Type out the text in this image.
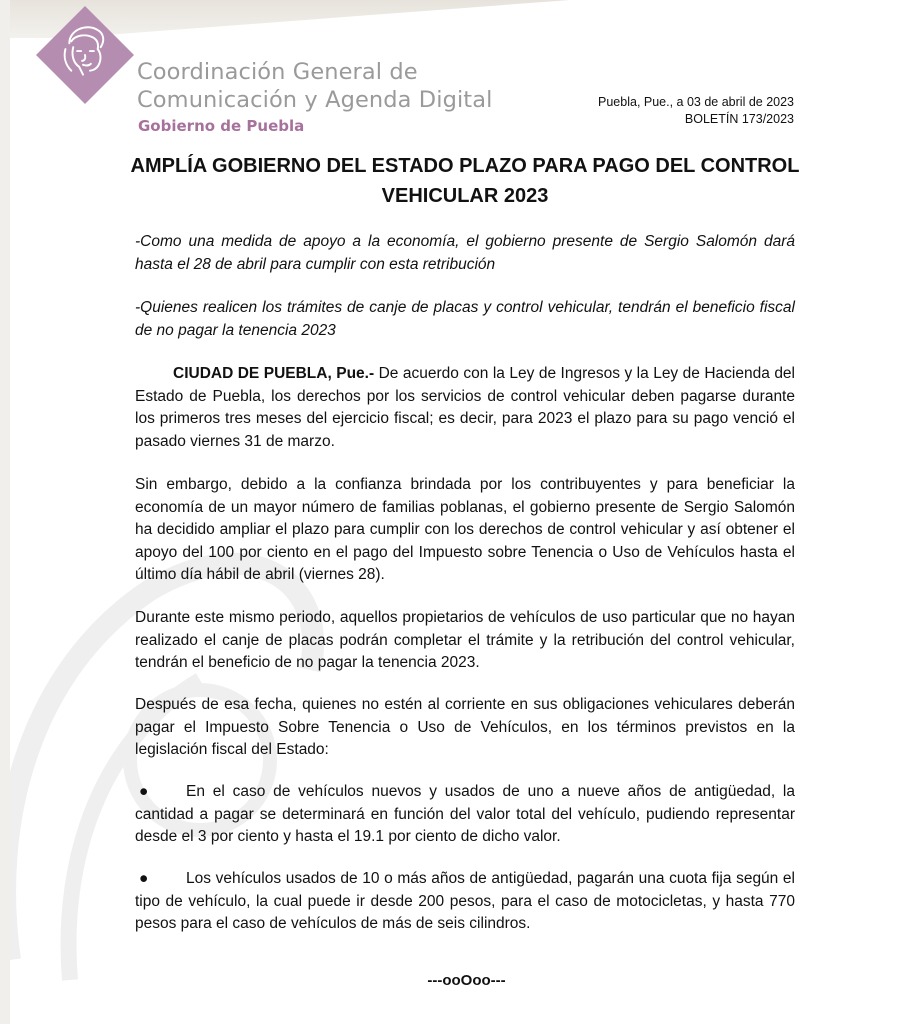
Coordinación General de
Comunicación y Agenda Digital
Gobierno de Puebla
Puebla, Pue., a 03 de abril de 2023
BOLETÍN 173/2023
AMPLÍA GOBIERNO DEL ESTADO PLAZO PARA PAGO DEL CONTROL
VEHICULAR 2023
-Como una medida de apoyo a la economía, el gobierno presente de Sergio Salomón dará hasta el 28 de abril para cumplir con esta retribución
-Quienes realicen los trámites de canje de placas y control vehicular, tendrán el beneficio fiscal de no pagar la tenencia 2023
CIUDAD DE PUEBLA, Pue.- De acuerdo con la Ley de Ingresos y la Ley de Hacienda del Estado de Puebla, los derechos por los servicios de control vehicular deben pagarse durante los primeros tres meses del ejercicio fiscal; es decir, para 2023 el plazo para su pago venció el pasado viernes 31 de marzo.
Sin embargo, debido a la confianza brindada por los contribuyentes y para beneficiar la economía de un mayor número de familias poblanas, el gobierno presente de Sergio Salomón ha decidido ampliar el plazo para cumplir con los derechos de control vehicular y así obtener el apoyo del 100 por ciento en el pago del Impuesto sobre Tenencia o Uso de Vehículos hasta el último día hábil de abril (viernes 28).
Durante este mismo periodo, aquellos propietarios de vehículos de uso particular que no hayan realizado el canje de placas podrán completar el trámite y la retribución del control vehicular, tendrán el beneficio de no pagar la tenencia 2023.
Después de esa fecha, quienes no estén al corriente en sus obligaciones vehiculares deberán pagar el Impuesto Sobre Tenencia o Uso de Vehículos, en los términos previstos en la legislación fiscal del Estado:
●	En el caso de vehículos nuevos y usados de uno a nueve años de antigüedad, la cantidad a pagar se determinará en función del valor total del vehículo, pudiendo representar desde el 3 por ciento y hasta el 19.1 por ciento de dicho valor.
●	Los vehículos usados de 10 o más años de antigüedad, pagarán una cuota fija según el tipo de vehículo, la cual puede ir desde 200 pesos, para el caso de motocicletas, y hasta 770 pesos para el caso de vehículos de más de seis cilindros.
---ooOoo---
